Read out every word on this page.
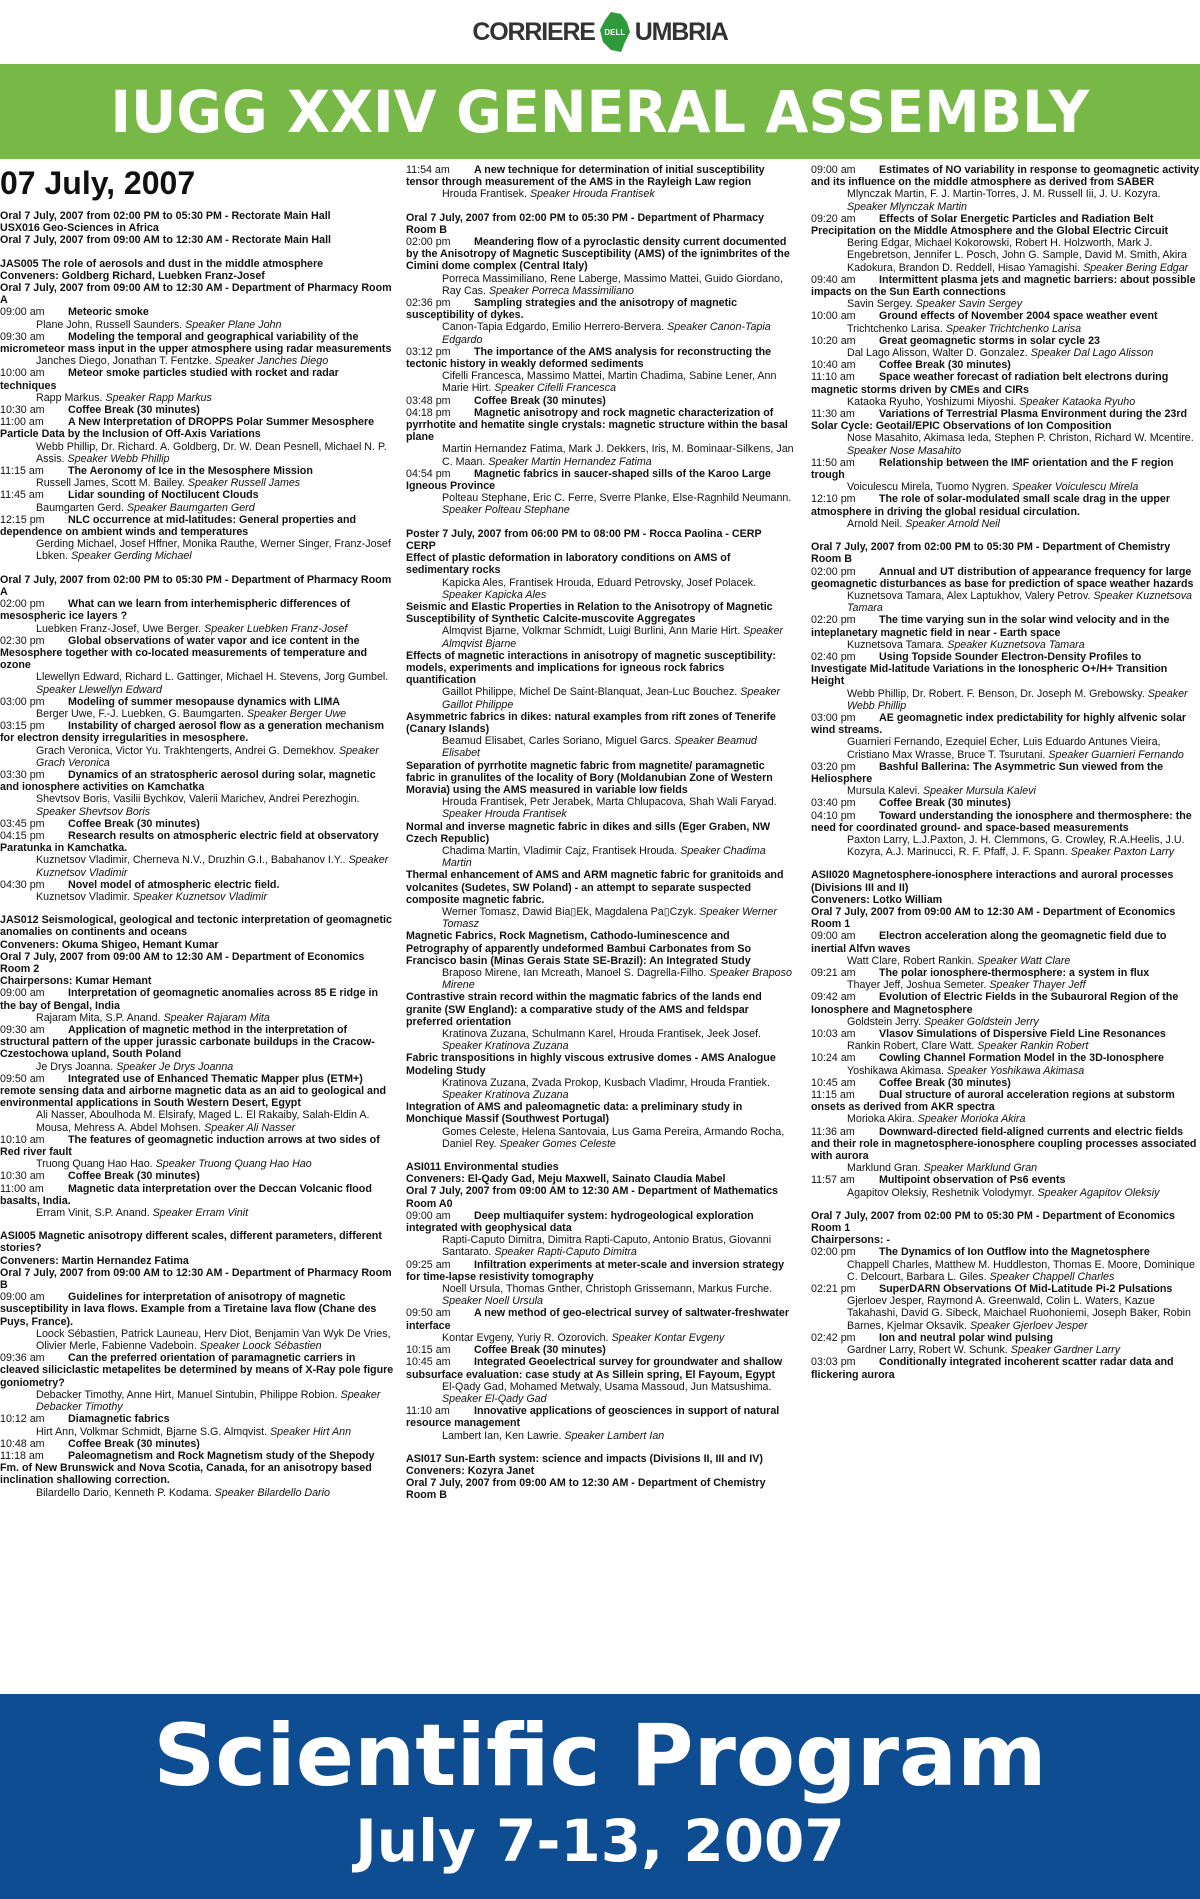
CORRIERE DELL UMBRIA
IUGG XXIV GENERAL ASSEMBLY
07 July, 2007
Oral 7 July, 2007 from 02:00 PM to 05:30 PM - Rectorate Main Hall
USX016 Geo-Sciences in Africa
Oral 7 July, 2007 from 09:00 AM to 12:30 AM - Rectorate Main Hall
JAS005 The role of aerosols and dust in the middle atmosphere
Conveners: Goldberg Richard, Luebken Franz-Josef
Oral 7 July, 2007 from 09:00 AM to 12:30 AM - Department of Pharmacy Room A
09:00 am Meteoric smoke
Plane John, Russell Saunders. Speaker Plane John
09:30 am Modeling the temporal and geographical variability of the micrometeor mass input in the upper atmosphere using radar measurements
Janches Diego, Jonathan T. Fentzke. Speaker Janches Diego
10:00 am Meteor smoke particles studied with rocket and radar techniques
Rapp Markus. Speaker Rapp Markus
10:30 am Coffee Break (30 minutes)
11:00 am A New Interpretation of DROPPS Polar Summer Mesosphere Particle Data by the Inclusion of Off-Axis Variations
Webb Phillip, Dr. Richard. A. Goldberg, Dr. W. Dean Pesnell, Michael N. P. Assis. Speaker Webb Phillip
11:15 am The Aeronomy of Ice in the Mesosphere Mission
Russell James, Scott M. Bailey. Speaker Russell James
11:45 am Lidar sounding of Noctilucent Clouds
Baumgarten Gerd. Speaker Baumgarten Gerd
12:15 pm NLC occurrence at mid-latitudes: General properties and dependence on ambient winds and temperatures
Gerding Michael, Josef Hffner, Monika Rauthe, Werner Singer, Franz-Josef Lbken. Speaker Gerding Michael
Oral 7 July, 2007 from 02:00 PM to 05:30 PM - Department of Pharmacy Room A
02:00 pm What can we learn from interhemispheric differences of mesospheric ice layers ?
Luebken Franz-Josef, Uwe Berger. Speaker Luebken Franz-Josef
02:30 pm Global observations of water vapor and ice content in the Mesosphere together with co-located measurements of temperature and ozone
Llewellyn Edward, Richard L. Gattinger, Michael H. Stevens, Jorg Gumbel. Speaker Llewellyn Edward
03:00 pm Modeling of summer mesopause dynamics with LIMA
Berger Uwe, F.-J. Luebken, G. Baumgarten. Speaker Berger Uwe
03:15 pm Instability of charged aerosol flow as a generation mechanism for electron density irregularities in mesosphere.
Grach Veronica, Victor Yu. Trakhtengerts, Andrei G. Demekhov. Speaker Grach Veronica
03:30 pm Dynamics of an stratospheric aerosol during solar, magnetic and ionosphere activities on Kamchatka
Shevtsov Boris, Vasilii Bychkov, Valerii Marichev, Andrei Perezhogin. Speaker Shevtsov Boris
03:45 pm Coffee Break (30 minutes)
04:15 pm Research results on atmospheric electric field at observatory Paratunka in Kamchatka.
Kuznetsov Vladimir, Cherneva N.V., Druzhin G.I., Babahanov I.Y.. Speaker Kuznetsov Vladimir
04:30 pm Novel model of atmospheric electric field.
Kuznetsov Vladimir. Speaker Kuznetsov Vladimir
JAS012 Seismological, geological and tectonic interpretation of geomagnetic anomalies on continents and oceans
Conveners: Okuma Shigeo, Hemant Kumar
Oral 7 July, 2007 from 09:00 AM to 12:30 AM - Department of Economics Room 2
Chairpersons: Kumar Hemant
09:00 am Interpretation of geomagnetic anomalies across 85 E ridge in the bay of Bengal, India
Rajaram Mita, S.P. Anand. Speaker Rajaram Mita
09:30 am Application of magnetic method in the interpretation of structural pattern of the upper jurassic carbonate buildups in the Cracow-Czestochowa upland, South Poland
Je Drys Joanna. Speaker Je Drys Joanna
09:50 am Integrated use of Enhanced Thematic Mapper plus (ETM+) remote sensing data and airborne magnetic data as an aid to geological and environmental applications in South Western Desert, Egypt
Ali Nasser, Aboulhoda M. Elsirafy, Maged L. El Rakaiby, Salah-Eldin A. Mousa, Mehress A. Abdel Mohsen. Speaker Ali Nasser
10:10 am The features of geomagnetic induction arrows at two sides of Red river fault
Truong Quang Hao Hao. Speaker Truong Quang Hao Hao
10:30 am Coffee Break (30 minutes)
11:00 am Magnetic data interpretation over the Deccan Volcanic flood basalts, India.
Erram Vinit, S.P. Anand. Speaker Erram Vinit
ASI005 Magnetic anisotropy different scales, different parameters, different stories?
Conveners: Martin Hernandez Fatima
Oral 7 July, 2007 from 09:00 AM to 12:30 AM - Department of Pharmacy Room B
09:00 am Guidelines for interpretation of anisotropy of magnetic susceptibility in lava flows. Example from a Tiretaine lava flow (Chane des Puys, France).
Loock Sébastien, Patrick Launeau, Herv Diot, Benjamin Van Wyk De Vries, Olivier Merle, Fabienne Vadeboin. Speaker Loock Sébastien
09:36 am Can the preferred orientation of paramagnetic carriers in cleaved siliciclastic metapelites be determined by means of X-Ray pole figure goniometry?
Debacker Timothy, Anne Hirt, Manuel Sintubin, Philippe Robion. Speaker Debacker Timothy
10:12 am Diamagnetic fabrics
Hirt Ann, Volkmar Schmidt, Bjarne S.G. Almqvist. Speaker Hirt Ann
10:48 am Coffee Break (30 minutes)
11:18 am Paleomagnetism and Rock Magnetism study of the Shepody Fm. of New Brunswick and Nova Scotia, Canada, for an anisotropy based inclination shallowing correction.
Bilardello Dario, Kenneth P. Kodama. Speaker Bilardello Dario
11:54 am A new technique for determination of initial susceptibility tensor through measurement of the AMS in the Rayleigh Law region
Hrouda Frantisek. Speaker Hrouda Frantisek
Oral 7 July, 2007 from 02:00 PM to 05:30 PM - Department of Pharmacy Room B
02:00 pm Meandering flow of a pyroclastic density current documented by the Anisotropy of Magnetic Susceptibility (AMS) of the ignimbrites of the Cimini dome complex (Central Italy)
Porreca Massimiliano, Rene Laberge, Massimo Mattei, Guido Giordano, Ray Cas. Speaker Porreca Massimiliano
02:36 pm Sampling strategies and the anisotropy of magnetic susceptibility of dykes.
Canon-Tapia Edgardo, Emilio Herrero-Bervera. Speaker Canon-Tapia Edgardo
03:12 pm The importance of the AMS analysis for reconstructing the tectonic history in weakly deformed sediments
Cifelli Francesca, Massimo Mattei, Martin Chadima, Sabine Lener, Ann Marie Hirt. Speaker Cifelli Francesca
03:48 pm Coffee Break (30 minutes)
04:18 pm Magnetic anisotropy and rock magnetic characterization of pyrrhotite and hematite single crystals: magnetic structure within the basal plane
Martin Hernandez Fatima, Mark J. Dekkers, Iris, M. Bominaar-Silkens, Jan C. Maan. Speaker Martin Hernandez Fatima
04:54 pm Magnetic fabrics in saucer-shaped sills of the Karoo Large Igneous Province
Polteau Stephane, Eric C. Ferre, Sverre Planke, Else-Ragnhild Neumann. Speaker Polteau Stephane
Poster 7 July, 2007 from 06:00 PM to 08:00 PM - Rocca Paolina - CERP CERP
Effect of plastic deformation in laboratory conditions on AMS of sedimentary rocks
Kapicka Ales, Frantisek Hrouda, Eduard Petrovsky, Josef Polacek. Speaker Kapicka Ales
Seismic and Elastic Properties in Relation to the Anisotropy of Magnetic Susceptibility of Synthetic Calcite-muscovite Aggregates
Almqvist Bjarne, Volkmar Schmidt, Luigi Burlini, Ann Marie Hirt. Speaker Almqvist Bjarne
Effects of magnetic interactions in anisotropy of magnetic susceptibility: models, experiments and implications for igneous rock fabrics quantification
Gaillot Philippe, Michel De Saint-Blanquat, Jean-Luc Bouchez. Speaker Gaillot Philippe
Asymmetric fabrics in dikes: natural examples from rift zones of Tenerife (Canary Islands)
Beamud Elisabet, Carles Soriano, Miguel Garcs. Speaker Beamud Elisabet
Separation of pyrrhotite magnetic fabric from magnetite/ paramagnetic fabric in granulites of the locality of Bory (Moldanubian Zone of Western Moravia) using the AMS measured in variable low fields
Hrouda Frantisek, Petr Jerabek, Marta Chlupacova, Shah Wali Faryad. Speaker Hrouda Frantisek
Normal and inverse magnetic fabric in dikes and sills (Eger Graben, NW Czech Republic)
Chadima Martin, Vladimir Cajz, Frantisek Hrouda. Speaker Chadima Martin
Thermal enhancement of AMS and ARM magnetic fabric for granitoids and volcanites (Sudetes, SW Poland) - an attempt to separate suspected composite magnetic fabric.
Werner Tomasz, Dawid Bia▯Ek, Magdalena Pa▯Czyk. Speaker Werner Tomasz
Magnetic Fabrics, Rock Magnetism, Cathodo-luminescence and Petrography of apparently undeformed Bambui Carbonates from So Francisco basin (Minas Gerais State SE-Brazil): An Integrated Study
Braposo Mirene, Ian Mcreath, Manoel S. Dagrella-Filho. Speaker Braposo Mirene
Contrastive strain record within the magmatic fabrics of the lands end granite (SW England): a comparative study of the AMS and feldspar preferred orientation
Kratinova Zuzana, Schulmann Karel, Hrouda Frantisek, Jeek Josef. Speaker Kratinova Zuzana
Fabric transpositions in highly viscous extrusive domes - AMS Analogue Modeling Study
Kratinova Zuzana, Zvada Prokop, Kusbach Vladimr, Hrouda Frantiek. Speaker Kratinova Zuzana
Integration of AMS and paleomagnetic data: a preliminary study in Monchique Massif (Southwest Portugal)
Gomes Celeste, Helena Santovaia, Lus Gama Pereira, Armando Rocha, Daniel Rey. Speaker Gomes Celeste
ASI011 Environmental studies
Conveners: El-Qady Gad, Meju Maxwell, Sainato Claudia Mabel
Oral 7 July, 2007 from 09:00 AM to 12:30 AM - Department of Mathematics Room A0
09:00 am Deep multiaquifer system: hydrogeological exploration integrated with geophysical data
Rapti-Caputo Dimitra, Dimitra Rapti-Caputo, Antonio Bratus, Giovanni Santarato. Speaker Rapti-Caputo Dimitra
09:25 am Infiltration experiments at meter-scale and inversion strategy for time-lapse resistivity tomography
Noell Ursula, Thomas Gnther, Christoph Grissemann, Markus Furche. Speaker Noell Ursula
09:50 am A new method of geo-electrical survey of saltwater-freshwater interface
Kontar Evgeny, Yuriy R. Ozorovich. Speaker Kontar Evgeny
10:15 am Coffee Break (30 minutes)
10:45 am Integrated Geoelectrical survey for groundwater and shallow subsurface evaluation: case study at As Sillein spring, El Fayoum, Egypt
El-Qady Gad, Mohamed Metwaly, Usama Massoud, Jun Matsushima. Speaker El-Qady Gad
11:10 am Innovative applications of geosciences in support of natural resource management
Lambert Ian, Ken Lawrie. Speaker Lambert Ian
ASI017 Sun-Earth system: science and impacts (Divisions II, III and IV)
Conveners: Kozyra Janet
Oral 7 July, 2007 from 09:00 AM to 12:30 AM - Department of Chemistry Room B
09:00 am Estimates of NO variability in response to geomagnetic activity and its influence on the middle atmosphere as derived from SABER
Mlynczak Martin, F. J. Martin-Torres, J. M. Russell Iii, J. U. Kozyra. Speaker Mlynczak Martin
09:20 am Effects of Solar Energetic Particles and Radiation Belt Precipitation on the Middle Atmosphere and the Global Electric Circuit
Bering Edgar, Michael Kokorowski, Robert H. Holzworth, Mark J. Engebretson, Jennifer L. Posch, John G. Sample, David M. Smith, Akira Kadokura, Brandon D. Reddell, Hisao Yamagishi. Speaker Bering Edgar
09:40 am Intermittent plasma jets and magnetic barriers: about possible impacts on the Sun Earth connections
Savin Sergey. Speaker Savin Sergey
10:00 am Ground effects of November 2004 space weather event
Trichtchenko Larisa. Speaker Trichtchenko Larisa
10:20 am Great geomagnetic storms in solar cycle 23
Dal Lago Alisson, Walter D. Gonzalez. Speaker Dal Lago Alisson
10:40 am Coffee Break (30 minutes)
11:10 am Space weather forecast of radiation belt electrons during magnetic storms driven by CMEs and CIRs
Kataoka Ryuho, Yoshizumi Miyoshi. Speaker Kataoka Ryuho
11:30 am Variations of Terrestrial Plasma Environment during the 23rd Solar Cycle: Geotail/EPIC Observations of Ion Composition
Nose Masahito, Akimasa Ieda, Stephen P. Christon, Richard W. Mcentire. Speaker Nose Masahito
11:50 am Relationship between the IMF orientation and the F region trough
Voiculescu Mirela, Tuomo Nygren. Speaker Voiculescu Mirela
12:10 pm The role of solar-modulated small scale drag in the upper atmosphere in driving the global residual circulation.
Arnold Neil. Speaker Arnold Neil
Oral 7 July, 2007 from 02:00 PM to 05:30 PM - Department of Chemistry Room B
02:00 pm Annual and UT distribution of appearance frequency for large geomagnetic disturbances as base for prediction of space weather hazards
Kuznetsova Tamara, Alex Laptukhov, Valery Petrov. Speaker Kuznetsova Tamara
02:20 pm The time varying sun in the solar wind velocity and in the inteplanetary magnetic field in near - Earth space
Kuznetsova Tamara. Speaker Kuznetsova Tamara
02:40 pm Using Topside Sounder Electron-Density Profiles to Investigate Mid-latitude Variations in the Ionospheric O+/H+ Transition Height
Webb Phillip, Dr. Robert. F. Benson, Dr. Joseph M. Grebowsky. Speaker Webb Phillip
03:00 pm AE geomagnetic index predictability for highly alfvenic solar wind streams.
Guarnieri Fernando, Ezequiel Echer, Luis Eduardo Antunes Vieira, Cristiano Max Wrasse, Bruce T. Tsurutani. Speaker Guarnieri Fernando
03:20 pm Bashful Ballerina: The Asymmetric Sun viewed from the Heliosphere
Mursula Kalevi. Speaker Mursula Kalevi
03:40 pm Coffee Break (30 minutes)
04:10 pm Toward understanding the ionosphere and thermosphere: the need for coordinated ground- and space-based measurements
Paxton Larry, L.J.Paxton, J. H. Clemmons, G. Crowley, R.A.Heelis, J.U. Kozyra, A.J. Marinucci, R. F. Pfaff, J. F. Spann. Speaker Paxton Larry
ASII020 Magnetosphere-ionosphere interactions and auroral processes (Divisions III and II)
Conveners: Lotko William
Oral 7 July, 2007 from 09:00 AM to 12:30 AM - Department of Economics Room 1
09:00 am Electron acceleration along the geomagnetic field due to inertial Alfvn waves
Watt Clare, Robert Rankin. Speaker Watt Clare
09:21 am The polar ionosphere-thermosphere: a system in flux
Thayer Jeff, Joshua Semeter. Speaker Thayer Jeff
09:42 am Evolution of Electric Fields in the Subauroral Region of the Ionosphere and Magnetosphere
Goldstein Jerry. Speaker Goldstein Jerry
10:03 am Vlasov Simulations of Dispersive Field Line Resonances
Rankin Robert, Clare Watt. Speaker Rankin Robert
10:24 am Cowling Channel Formation Model in the 3D-Ionosphere
Yoshikawa Akimasa. Speaker Yoshikawa Akimasa
10:45 am Coffee Break (30 minutes)
11:15 am Dual structure of auroral acceleration regions at substorm onsets as derived from AKR spectra
Morioka Akira. Speaker Morioka Akira
11:36 am Downward-directed field-aligned currents and electric fields and their role in magnetosphere-ionosphere coupling processes associated with aurora
Marklund Gran. Speaker Marklund Gran
11:57 am Multipoint observation of Ps6 events
Agapitov Oleksiy, Reshetnik Volodymyr. Speaker Agapitov Oleksiy
Oral 7 July, 2007 from 02:00 PM to 05:30 PM - Department of Economics Room 1
Chairpersons: -
02:00 pm The Dynamics of Ion Outflow into the Magnetosphere
Chappell Charles, Matthew M. Huddleston, Thomas E. Moore, Dominique C. Delcourt, Barbara L. Giles. Speaker Chappell Charles
02:21 pm SuperDARN Observations Of Mid-Latitude Pi-2 Pulsations
Gjerloev Jesper, Raymond A. Greenwald, Colin L. Waters, Kazue Takahashi, David G. Sibeck, Maichael Ruohoniemi, Joseph Baker, Robin Barnes, Kjelmar Oksavik. Speaker Gjerloev Jesper
02:42 pm Ion and neutral polar wind pulsing
Gardner Larry, Robert W. Schunk. Speaker Gardner Larry
03:03 pm Conditionally integrated incoherent scatter radar data and flickering aurora
Scientific Program
July 7-13, 2007
